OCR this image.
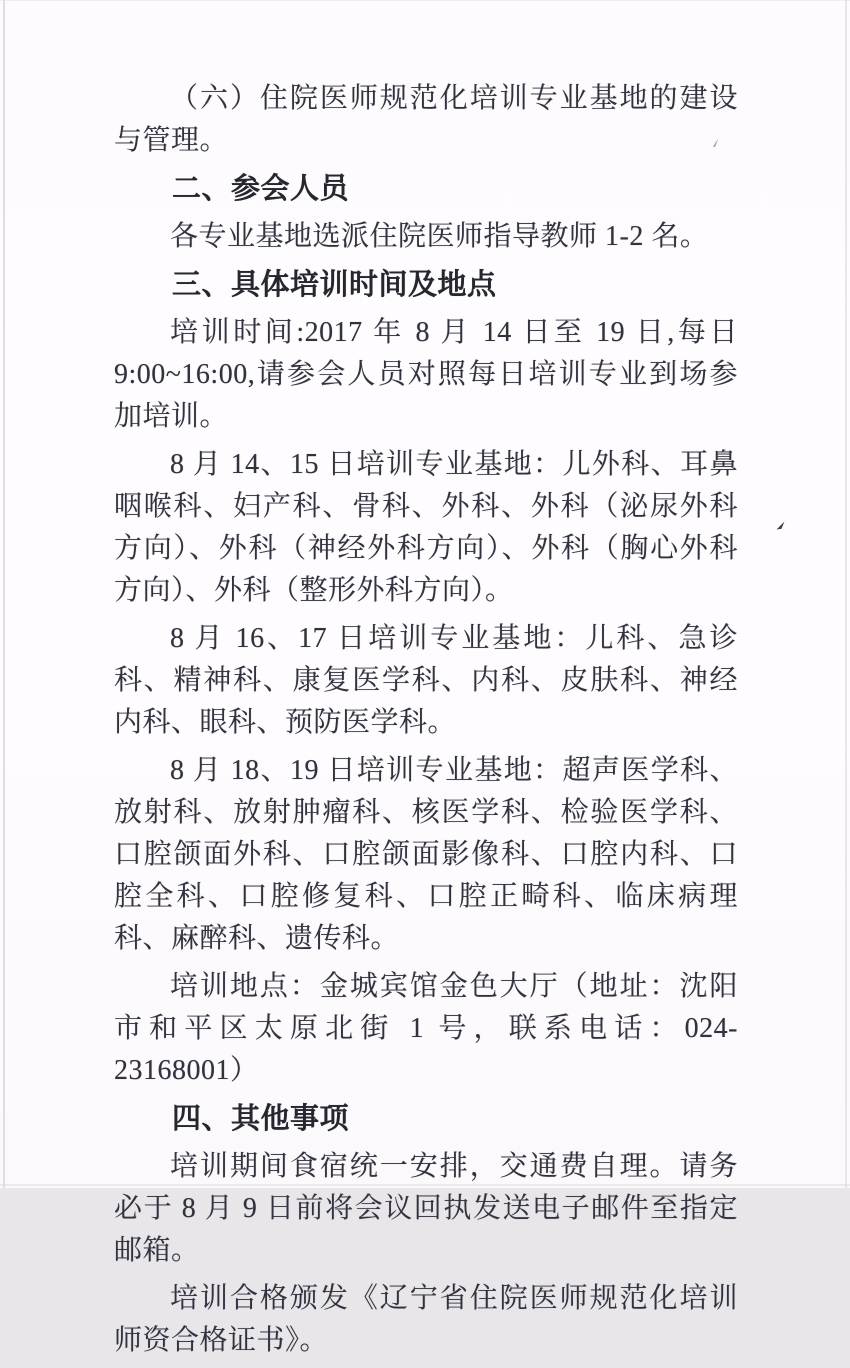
（六）住院医师规范化培训专业基地的建设与管理。

二、参会人员

各专业基地选派住院医师指导教师 1-2 名。

三、具体培训时间及地点

培训时间:2017 年 8 月 14 日至 19 日,每日 9:00~16:00,请参会人员对照每日培训专业到场参加培训。

8 月 14、15 日培训专业基地：儿外科、耳鼻咽喉科、妇产科、骨科、外科、外科（泌尿外科方向）、外科（神经外科方向）、外科（胸心外科方向）、外科（整形外科方向）。

8 月 16、17 日培训专业基地：儿科、急诊科、精神科、康复医学科、内科、皮肤科、神经内科、眼科、预防医学科。

8 月 18、19 日培训专业基地：超声医学科、放射科、放射肿瘤科、核医学科、检验医学科、口腔颌面外科、口腔颌面影像科、口腔内科、口腔全科、口腔修复科、口腔正畸科、临床病理科、麻醉科、遗传科。

培训地点：金城宾馆金色大厅（地址：沈阳市和平区太原北街 1 号，联系电话：024-23168001）

四、其他事项

培训期间食宿统一安排，交通费自理。请务必于 8 月 9 日前将会议回执发送电子邮件至指定邮箱。

培训合格颁发《辽宁省住院医师规范化培训师资合格证书》。
